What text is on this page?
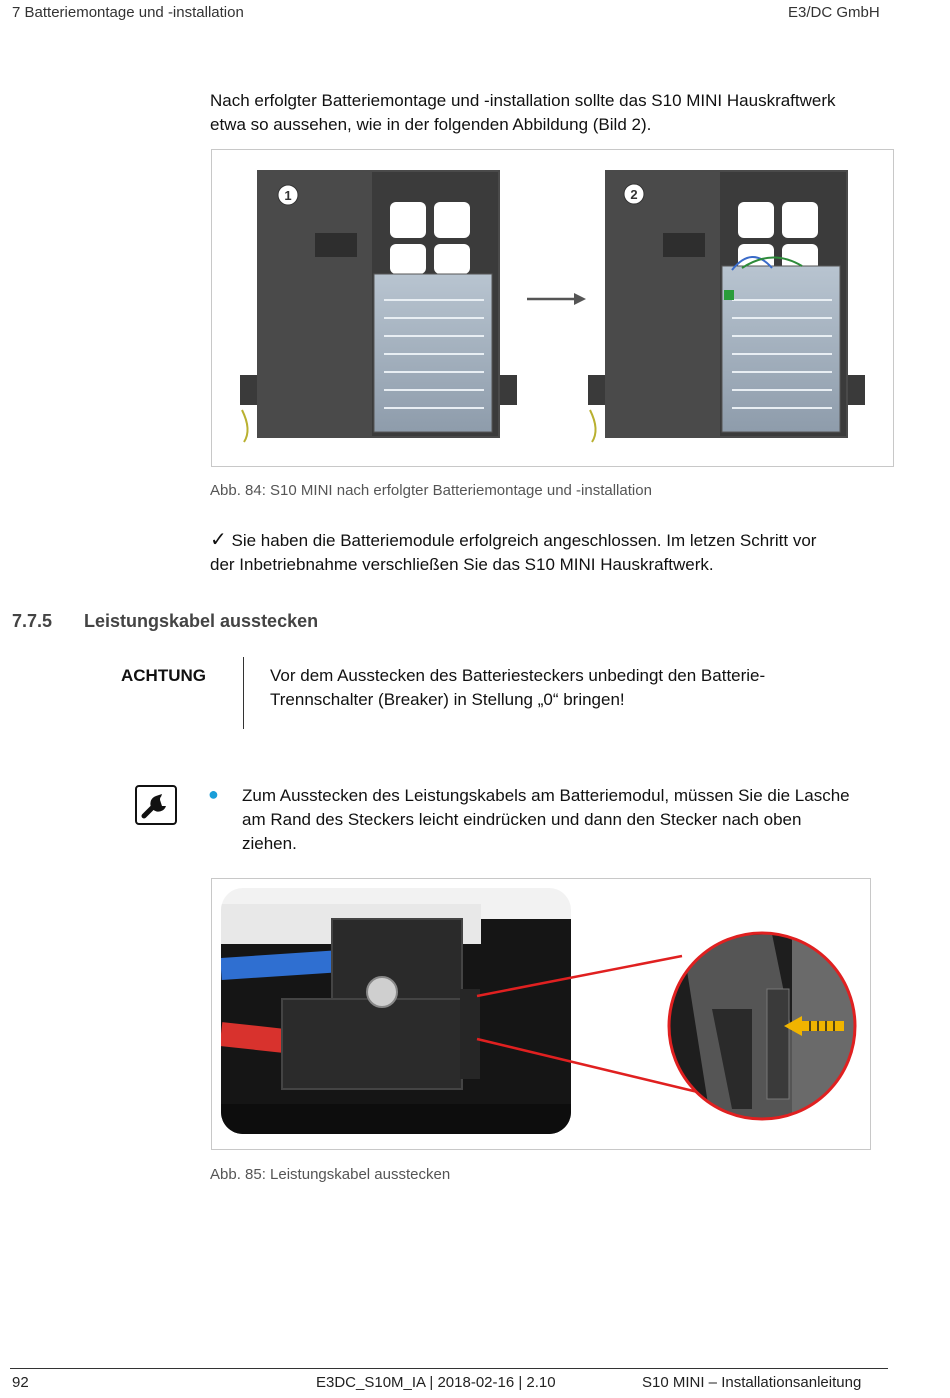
7 Batteriemontage und -installation	E3/DC GmbH
Nach erfolgter Batteriemontage und -installation sollte das S10 MINI Hauskraftwerk
etwa so aussehen, wie in der folgenden Abbildung (Bild 2).
1	2
Abb. 84: S10 MINI nach erfolgter Batteriemontage und -installation
✓ Sie haben die Batteriemodule erfolgreich angeschlossen. Im letzen Schritt vor
der Inbetriebnahme verschließen Sie das S10 MINI Hauskraftwerk.
7.7.5 Leistungskabel ausstecken
ACHTUNG	Vor dem Ausstecken des Batteriesteckers unbedingt den Batterie-
Trennschalter (Breaker) in Stellung „0“ bringen!
● Zum Ausstecken des Leistungskabels am Batteriemodul, müssen Sie die Lasche
am Rand des Steckers leicht eindrücken und dann den Stecker nach oben
ziehen.
Abb. 85: Leistungskabel ausstecken
92	E3DC_S10M_IA | 2018-02-16 | 2.10	S10 MINI – Installationsanleitung
